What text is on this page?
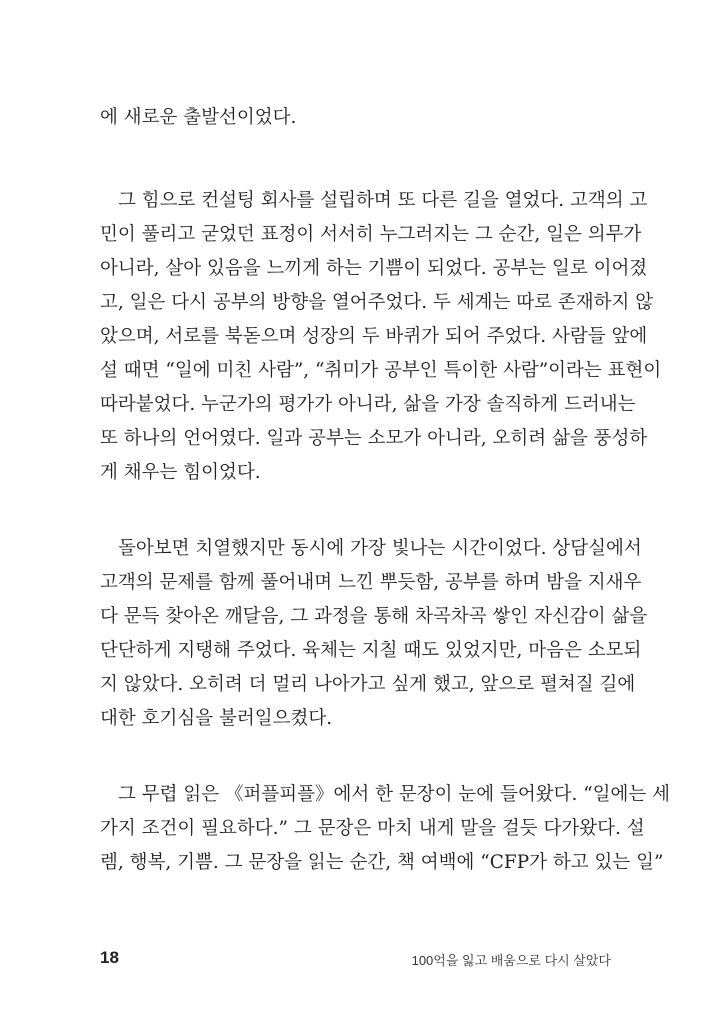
에 새로운 출발선이었다.
그 힘으로 컨설팅 회사를 설립하며 또 다른 길을 열었다. 고객의 고
민이 풀리고 굳었던 표정이 서서히 누그러지는 그 순간, 일은 의무가
아니라, 살아 있음을 느끼게 하는 기쁨이 되었다. 공부는 일로 이어졌
고, 일은 다시 공부의 방향을 열어주었다. 두 세계는 따로 존재하지 않
았으며, 서로를 북돋으며 성장의 두 바퀴가 되어 주었다. 사람들 앞에
설 때면 “일에 미친 사람”, “취미가 공부인 특이한 사람”이라는 표현이
따라붙었다. 누군가의 평가가 아니라, 삶을 가장 솔직하게 드러내는
또 하나의 언어였다. 일과 공부는 소모가 아니라, 오히려 삶을 풍성하
게 채우는 힘이었다.
돌아보면 치열했지만 동시에 가장 빛나는 시간이었다. 상담실에서
고객의 문제를 함께 풀어내며 느낀 뿌듯함, 공부를 하며 밤을 지새우
다 문득 찾아온 깨달음, 그 과정을 통해 차곡차곡 쌓인 자신감이 삶을
단단하게 지탱해 주었다. 육체는 지칠 때도 있었지만, 마음은 소모되
지 않았다. 오히려 더 멀리 나아가고 싶게 했고, 앞으로 펼쳐질 길에
대한 호기심을 불러일으켰다.
그 무렵 읽은 《퍼플피플》에서 한 문장이 눈에 들어왔다. “일에는 세
가지 조건이 필요하다.” 그 문장은 마치 내게 말을 걸듯 다가왔다. 설
렘, 행복, 기쁨. 그 문장을 읽는 순간, 책 여백에 “CFP가 하고 있는 일”
18	100억을 잃고 배움으로 다시 살았다
